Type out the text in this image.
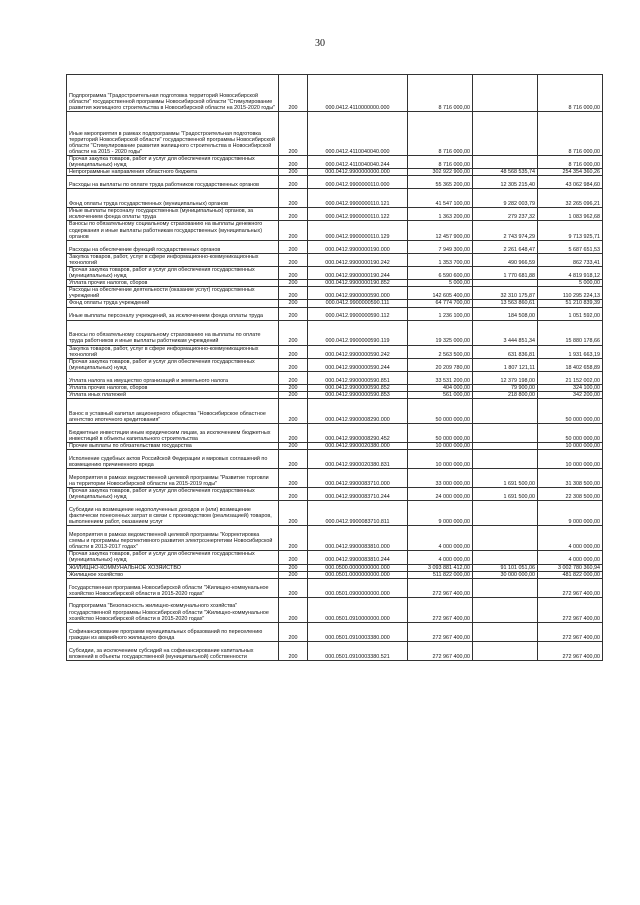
30
Подпрограмма "Градостроительная подготовка территорий Новосибирской области" государственной программы Новосибирской области "Стимулирование развития жилищного строительства в Новосибирской области на 2015-2020 годы"	200	000.0412.4110000000.000	8 716 000,00		8 716 000,00
Иные мероприятия в рамках подпрограммы "Градостроительная подготовка территорий Новосибирской области" государственной программы Новосибирской области "Стимулирование развития жилищного строительства в Новосибирской области на 2015 - 2020 годы"	200	000.0412.4110040040.000	8 716 000,00		8 716 000,00
Прочая закупка товаров, работ и услуг для обеспечения государственных (муниципальных) нужд	200	000.0412.4110040040.244	8 716 000,00		8 716 000,00
Непрограммные направления областного бюджета	200	000.0412.9900000000.000	302 922 900,00	48 568 535,74	254 354 360,26
Расходы на выплаты по оплате труда работников государственных органов	200	000.0412.9900000110.000	55 365 200,00	12 305 215,40	43 062 984,60
Фонд оплаты труда государственных (муниципальных) органов	200	000.0412.9900000110.121	41 547 100,00	9 282 003,79	32 265 096,21
Иные выплаты персоналу государственных (муниципальных) органов, за исключением фонда оплаты труда	200	000.0412.9900000110.122	1 363 200,00	279 237,32	1 083 962,68
Взносы по обязательному социальному страхованию на выплаты денежного содержания и иные выплаты работникам государственных (муниципальных) органов	200	000.0412.9900000110.129	12 457 900,00	2 743 974,29	9 713 925,71
Расходы на обеспечение функций государственных органов	200	000.0412.9900000190.000	7 949 300,00	2 261 648,47	5 687 651,53
Закупка товаров, работ, услуг в сфере информационно-коммуникационных технологий	200	000.0412.9900000190.242	1 353 700,00	490 966,59	862 733,41
Прочая закупка товаров, работ и услуг для обеспечения государственных (муниципальных) нужд	200	000.0412.9900000190.244	6 590 600,00	1 770 681,88	4 819 918,12
Уплата прочих налогов, сборов	200	000.0412.9900000190.852	5 000,00		5 000,00
Расходы на обеспечение деятельности (оказание услуг) государственных учреждений	200	000.0412.9900000590.000	142 605 400,00	32 310 175,87	110 295 224,13
Фонд оплаты труда учреждений	200	000.0412.9900000590.111	64 774 700,00	13 563 860,61	51 210 839,39
Иные выплаты персоналу учреждений, за исключением фонда оплаты труда	200	000.0412.9900000590.112	1 236 100,00	184 508,00	1 051 592,00
Взносы по обязательному социальному страхованию на выплаты по оплате труда работников и иные выплаты работникам учреждений	200	000.0412.9900000590.119	19 325 000,00	3 444 851,34	15 880 178,66
Закупка товаров, работ, услуг в сфере информационно-коммуникационных технологий	200	000.0412.9900000590.242	2 563 500,00	631 836,81	1 931 663,19
Прочая закупка товаров, работ и услуг для обеспечения государственных (муниципальных) нужд	200	000.0412.9900000590.244	20 209 780,00	1 807 121,11	18 402 658,89
Уплата налога на имущество организаций и земельного налога	200	000.0412.9900000590.851	33 531 200,00	12 379 198,00	21 152 002,00
Уплата прочих налогов, сборов	200	000.0412.9900000590.852	404 000,00	79 900,00	324 100,00
Уплата иных платежей	200	000.0412.9900000590.853	561 000,00	218 800,00	342 200,00
Взнос в уставный капитал акционерного общества "Новосибирское областное агентство ипотечного кредитования"	200	000.0412.9900008290.000	50 000 000,00		50 000 000,00
Бюджетные инвестиции иным юридическим лицам, за исключением бюджетных инвестиций в объекты капитального строительства	200	000.0412.9900008290.452	50 000 000,00		50 000 000,00
Прочие выплаты по обязательствам государства	200	000.0412.9900020380.000	10 000 000,00		10 000 000,00
Исполнение судебных актов Российской Федерации и мировых соглашений по возмещению причиненного вреда	200	000.0412.9900020380.831	10 000 000,00		10 000 000,00
Мероприятия в рамках ведомственной целевой программы "Развитие торговли на территории Новосибирской области на 2015-2019 годы"	200	000.0412.9900083710.000	33 000 000,00	1 691 500,00	31 308 500,00
Прочая закупка товаров, работ и услуг для обеспечения государственных (муниципальных) нужд	200	000.0412.9900083710.244	24 000 000,00	1 691 500,00	22 308 500,00
Субсидии на возмещение недополученных доходов и (или) возмещение фактически понесенных затрат в связи с производством (реализацией) товаров, выполнением работ, оказанием услуг	200	000.0412.9900083710.811	9 000 000,00		9 000 000,00
Мероприятия в рамках ведомственной целевой программы "Корректировка схемы и программы перспективного развития электроэнергетики Новосибирской области в 2013-2017 годах"	200	000.0412.9900083810.000	4 000 000,00		4 000 000,00
Прочая закупка товаров, работ и услуг для обеспечения государственных (муниципальных) нужд	200	000.0412.9900083810.244	4 000 000,00		4 000 000,00
ЖИЛИЩНО-КОММУНАЛЬНОЕ ХОЗЯЙСТВО	200	000.0500.0000000000.000	3 093 881 412,00	91 101 051,06	3 002 780 360,94
Жилищное хозяйство	200	000.0501.0000000000.000	511 822 000,00	30 000 000,00	481 822 000,00
Государственная программа Новосибирской области "Жилищно-коммунальное хозяйство Новосибирской области в 2015-2020 годах"	200	000.0501.0900000000.000	272 967 400,00		272 967 400,00
Подпрограмма "Безопасность жилищно-коммунального хозяйства" государственной программы Новосибирской области "Жилищно-коммунальное хозяйство Новосибирской области в 2015-2020 годах"	200	000.0501.0910000000.000	272 967 400,00		272 967 400,00
Софинансирование программ муниципальных образований по переселению граждан из аварийного жилищного фонда	200	000.0501.0910003380.000	272 967 400,00		272 967 400,00
Субсидии, за исключением субсидий на софинансирование капитальных вложений в объекты государственной (муниципальной) собственности	200	000.0501.0910003380.521	272 967 400,00		272 967 400,00
